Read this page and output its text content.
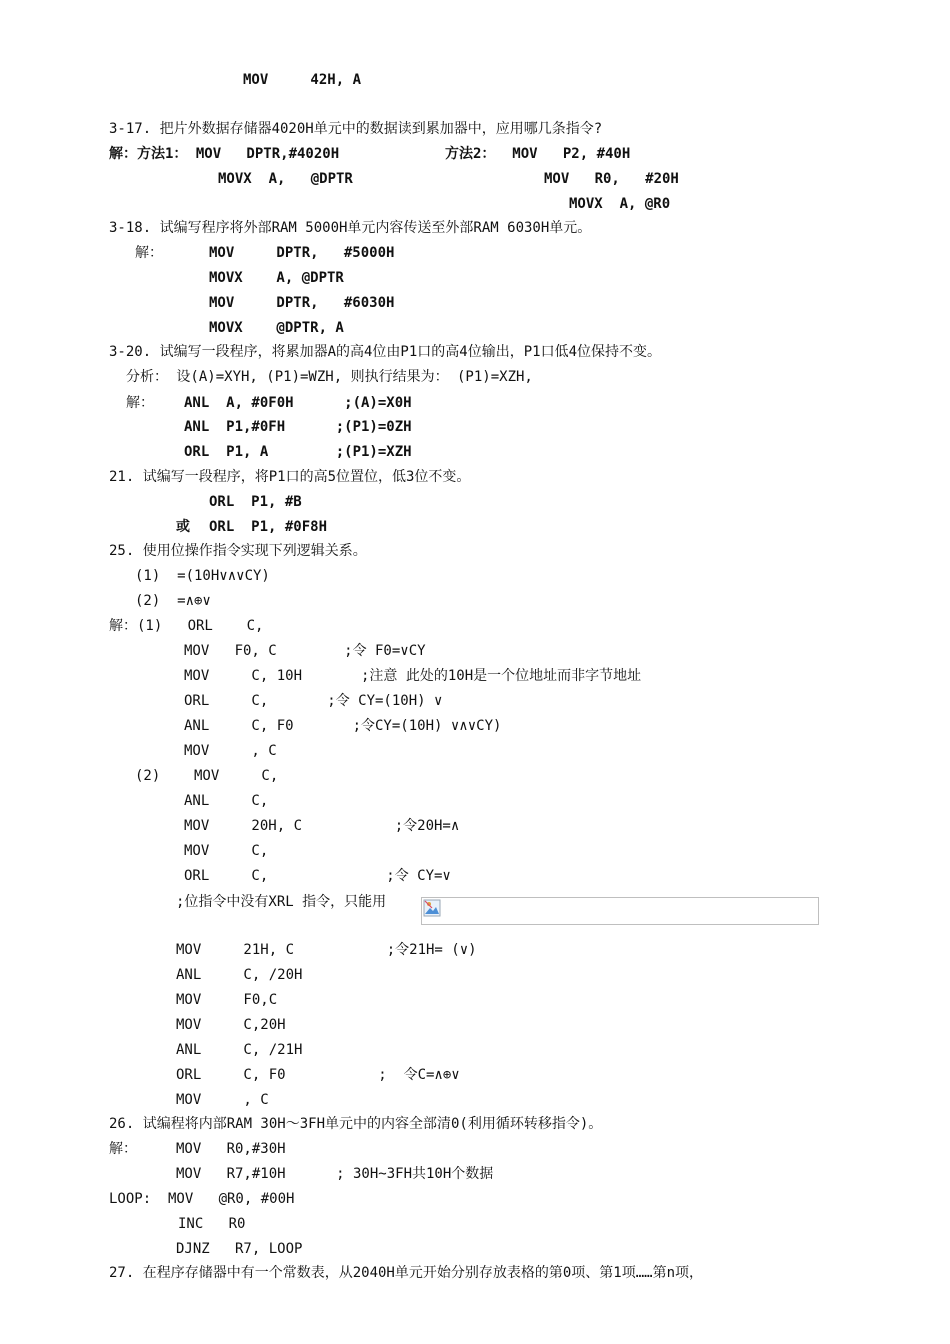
MOV     42H, A
3-17. 把片外数据存储器4020H单元中的数据读到累加器中，应用哪几条指令?
解：方法1： MOV   DPTR,#4020H	方法2：  MOV   P2, #40H
MOVX  A,   @DPTR	MOV   R0,   #20H
MOVX  A, @R0
3-18. 试编写程序将外部RAM 5000H单元内容传送至外部RAM 6030H单元。
解：	MOV     DPTR,   #5000H
MOVX    A, @DPTR
MOV     DPTR,   #6030H
MOVX    @DPTR, A
3-20. 试编写一段程序，将累加器A的高4位由P1口的高4位输出，P1口低4位保持不变。
分析： 设(A)=XYH, (P1)=WZH, 则执行结果为： (P1)=XZH,
解： ANL  A, #0F0H      ;(A)=X0H
ANL  P1,#0FH      ;(P1)=0ZH
ORL  P1, A        ;(P1)=XZH
21. 试编写一段程序，将P1口的高5位置位，低3位不变。
ORL  P1, #B
或 ORL  P1, #0F8H
25. 使用位操作指令实现下列逻辑关系。
(1)  =(10H∨∧∨CY)
(2)  =∧⊕∨
解：(1)   ORL    C,
MOV   F0, C        ;令 F0=∨CY
MOV     C, 10H       ;注意 此处的10H是一个位地址而非字节地址
ORL     C,       ;令 CY=(10H) ∨
ANL     C, F0       ;令CY=(10H) ∨∧∨CY)
MOV     , C
(2)    MOV     C,
ANL     C,
MOV     20H, C           ;令20H=∧
MOV     C,
ORL     C,              ;令 CY=∨
;位指令中没有XRL 指令，只能用
MOV     21H, C           ;令21H= (∨)
ANL     C, /20H
MOV     F0,C
MOV     C,20H
ANL     C, /21H
ORL     C, F0           ;  令C=∧⊕∨
MOV     , C
26. 试编程将内部RAM 30H～3FH单元中的内容全部清0(利用循环转移指令)。
解：	MOV   R0,#30H
MOV   R7,#10H      ; 30H~3FH共10H个数据
LOOP:  MOV   @R0, #00H
INC   R0
DJNZ   R7, LOOP
27. 在程序存储器中有一个常数表，从2040H单元开始分别存放表格的第0项、第1项……第n项，
